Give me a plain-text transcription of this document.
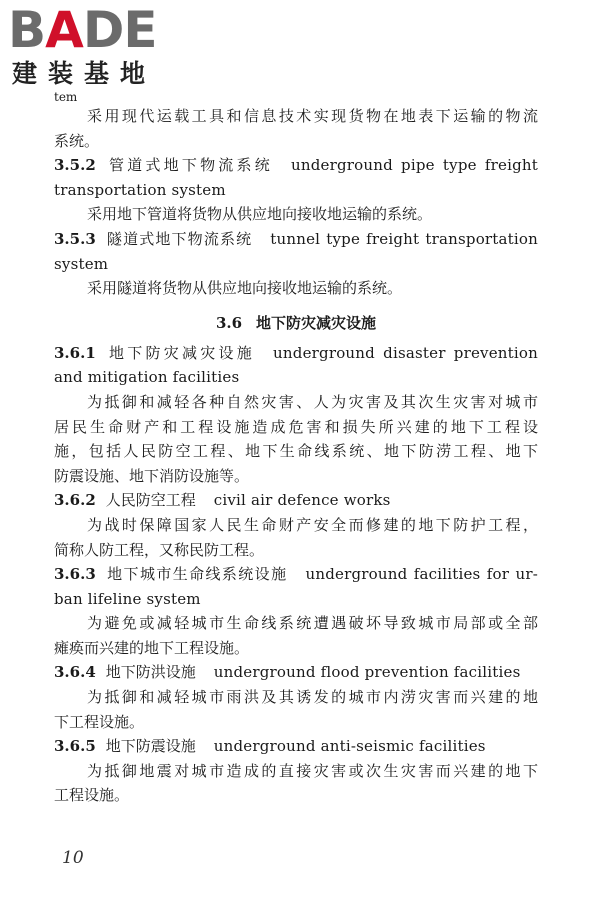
BADE
建装基地
tem
采用现代运载工具和信息技术实现货物在地表下运输的物流
系统。
3.5.2 管道式地下物流系统 underground pipe type freight
transportation system
采用地下管道将货物从供应地向接收地运输的系统。
3.5.3 隧道式地下物流系统 tunnel type freight transportation
system
采用隧道将货物从供应地向接收地运输的系统。
3.6 地下防灾减灾设施
3.6.1 地下防灾减灾设施 underground disaster prevention
and mitigation facilities
为抵御和减轻各种自然灾害、人为灾害及其次生灾害对城市
居民生命财产和工程设施造成危害和损失所兴建的地下工程设
施，包括人民防空工程、地下生命线系统、地下防涝工程、地下
防震设施、地下消防设施等。
3.6.2 人民防空工程 civil air defence works
为战时保障国家人民生命财产安全而修建的地下防护工程，
简称人防工程，又称民防工程。
3.6.3 地下城市生命线系统设施 underground facilities for ur-
ban lifeline system
为避免或减轻城市生命线系统遭遇破坏导致城市局部或全部
瘫痪而兴建的地下工程设施。
3.6.4 地下防洪设施 underground flood prevention facilities
为抵御和减轻城市雨洪及其诱发的城市内涝灾害而兴建的地
下工程设施。
3.6.5 地下防震设施 underground anti-seismic facilities
为抵御地震对城市造成的直接灾害或次生灾害而兴建的地下
工程设施。
10
